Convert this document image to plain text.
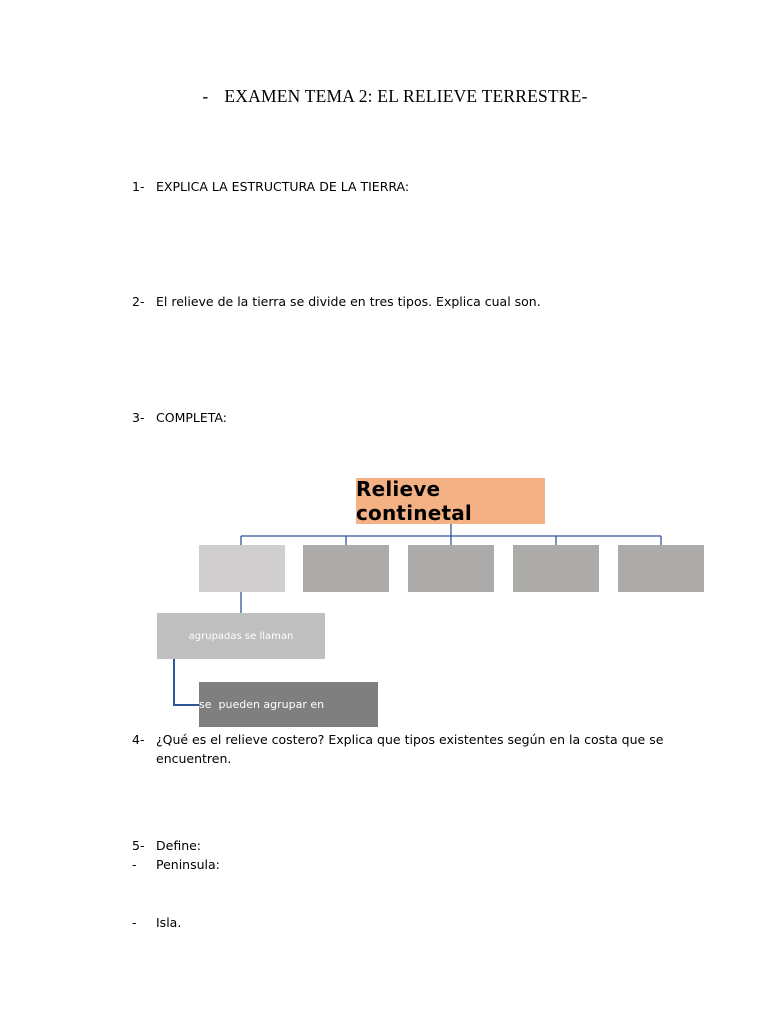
- EXAMEN TEMA 2: EL RELIEVE TERRESTRE-
1- EXPLICA LA ESTRUCTURA DE LA TIERRA:
2- El relieve de la tierra se divide en tres tipos. Explica cual son.
3- COMPLETA:
Relieve continetal
agrupadas se llaman
se  pueden agrupar en
4- ¿Qué es el relieve costero? Explica que tipos existentes según en la costa que se encuentren.
5- Define:
- Peninsula:
- Isla.
